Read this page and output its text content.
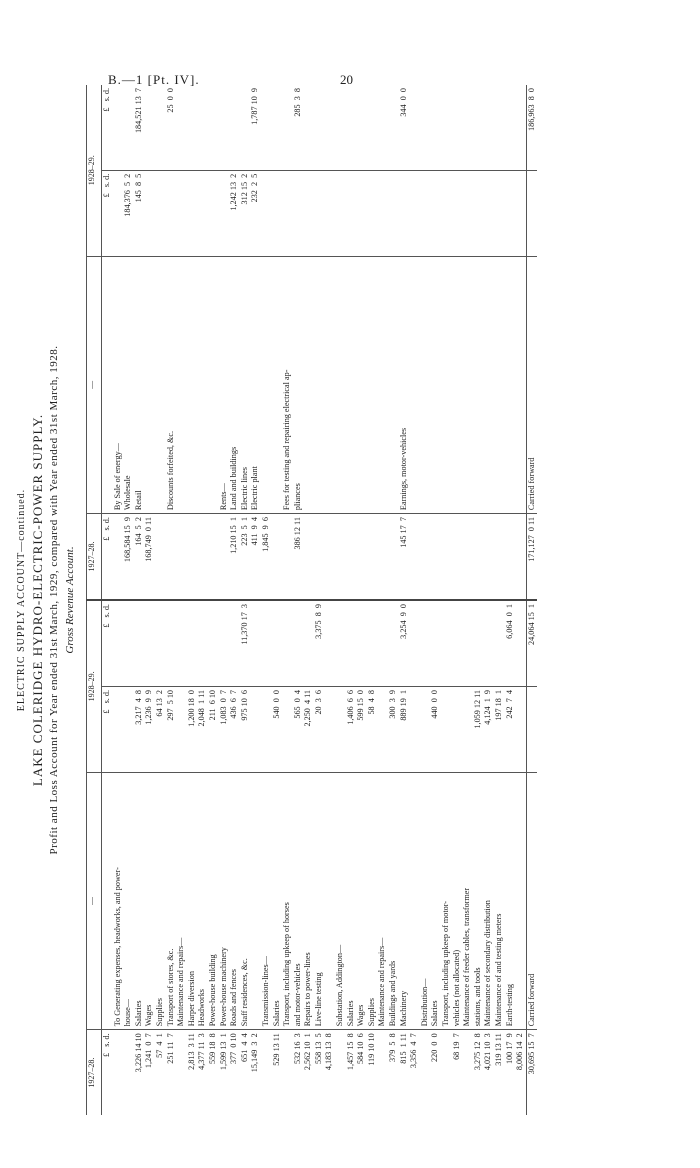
B.—1 [Pt. IV].	20
ELECTRIC SUPPLY ACCOUNT—continued. LAKE COLERIDGE HYDRO-ELECTRIC-POWER SUPPLY. Profit and Loss Account for Year ended 31st March, 1929, compared with Year ended 31st March, 1928. Gross Revenue Account.
1927–28.	—	1928–29.		1927–28.	—	1928–29.	
£   s. d.		£   s. d.	£   s. d.	£   s. d.		£   s. d.	£   s. d.
	To Generating expenses, headworks, and power-				By Sale of energy—		
	house—			168,584 15  9	Wholesale	184,376  5  2	
3,226 14 10	Salaries	3,217  4  8		164  5  2	Retail	145  8  5	184,521 13  7
1,241  0  7	Wages	1,236  9  9		168,749  0 11			
57  4  1	Supplies	64 13  2					
251 11  7	Transport of stores, &c.	297  5 10			Discounts forfeited, &c.		25  0  0
	Maintenance and repairs—						
2,813  3 11	Harper diversion	1,200 18  0					
4,377 11  3	Headworks	2,048  1 11					
559 18  8	Power-house building	211  6 10					
1,599 13  1	Power-house machinery	1,083  0  7			Rents—		
377  0 10	Roads and fences	436  6  7		1,210 15  1	Land and buildings	1,242 13  2	
651  4  4	Staff residences, &c.	975 10  6	11,370 17  3	223  5  1	Electric lines	312 15  2	
15,149  3  2				411  9  4	Electric plant	232  2  5	1,787 10  9
	Transmission-lines—			1,845  9  6			
529 13 11	Salaries	540  0  0					
	Transport, including upkeep of horses				Fees for testing and repairing electrical ap-		
532 16  3	and motor-vehicles	565  0  4		386 12 11	pliances		285  3  8
2,562 10  1	Repairs to power-lines	2,250  4 11					
558 13  5	Live-line testing	20  3  6	3,375  8  9				
4,183 13  8							
	Substation, Addington—						
1,457 15  8	Salaries	1,406  6  6					
584 10  6	Wages	599 15  0					
119 10 10	Supplies	58  4  8					
	Maintenance and repairs—						
379  5  8	Buildings and yards	300  3  9					
815  1 11	Machinery	889 19  1	3,254  9  0	145 17  7	Earnings, motor-vehicles		344  0  0
3,356  4  7							
	Distribution—						
220  0  0	Salaries	440  0  0					
	Transport, including upkeep of motor-						
68 19  7	vehicles (not allocated)						
	Maintenance of feeder cables, transformer						
3,275 12  8	stations, and tools	1,059 12 11					
4,021 10  3	Maintenance of secondary distribution	4,124  1  9					
319 13 11	Maintenance of and testing meters	197 18  1					
100 17  9	Earth-testing	242  7  4	6,064  0  1				
8,006 14  2							
30,695 15  7	Carried forward		24,064 15  1	171,127  0 11	Carried forward		186,963  8  0
